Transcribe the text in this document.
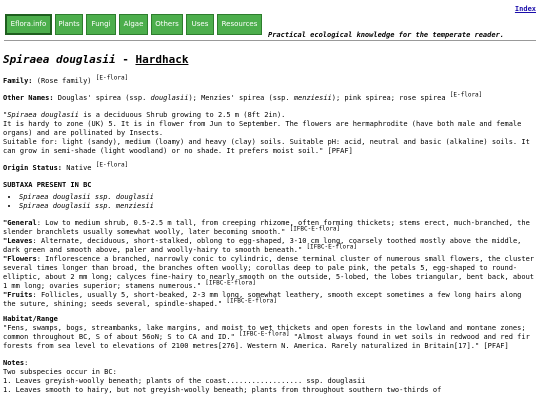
Index
Eflora.info	Plants	Fungi	Algae	Others	Uses	Resources
Practical ecological knowledge for the temperate reader.
Spiraea douglasii - Hardhack
Family: (Rose family) [E-flora]
Other Names: Douglas' spirea (ssp. douglasii); Menzies' spirea (ssp. menziesii); pink spirea; rose spirea [E-flora]
"Spiraea douglasii is a deciduous Shrub growing to 2.5 m (8ft 2in).
It is hardy to zone (UK) 5. It is in flower from Jun to September. The flowers are hermaphrodite (have both male and female organs) and are pollinated by Insects.
Suitable for: light (sandy), medium (loamy) and heavy (clay) soils. Suitable pH: acid, neutral and basic (alkaline) soils. It can grow in semi-shade (light woodland) or no shade. It prefers moist soil." [PFAF]
Origin Status: Native [E-flora]
SUBTAXA PRESENT IN BC
• Spiraea douglasii ssp. douglasii
• Spiraea douglasii ssp. menziesii
"General: Low to medium shrub, 0.5-2.5 m tall, from creeping rhizome, often forming thickets; stems erect, much-branched, the slender branchlets usually somewhat woolly, later becoming smooth." [IFBC-E-flora]
"Leaves: Alternate, deciduous, short-stalked, oblong to egg-shaped, 3-10 cm long, coarsely toothed mostly above the middle, dark green and smooth above, paler and woolly-hairy to smooth beneath." [IFBC-E-flora]
"Flowers: Inflorescence a branched, narrowly conic to cylindric, dense terminal cluster of numerous small flowers, the cluster several times longer than broad, the branches often woolly; corollas deep to pale pink, the petals 5, egg-shaped to round-elliptic, about 2 mm long; calyces fine-hairy to nearly smooth on the outside, 5-lobed, the lobes triangular, bent back, about 1 mm long; ovaries superior; stamens numerous." [IFBC-E-flora]
"Fruits: Follicles, usually 5, short-beaked, 2-3 mm long, somewhat leathery, smooth except sometimes a few long hairs along the suture, shining; seeds several, spindle-shaped." [IFBC-E-flora]
Habitat/Range
"Fens, swamps, bogs, streambanks, lake margins, and moist to wet thickets and open forests in the lowland and montane zones; common throughout BC, S of about 56oN; S to CA and ID." [IFBC-E-flora] "Almost always found in wet soils in redwood and red fir forests from sea level to elevations of 2100 metres[276]. Western N. America. Rarely naturalized in Britain[17]." [PFAF]
Notes:
Two subspecies occur in BC:
1. Leaves greyish-woolly beneath; plants of the coast.................. ssp. douglasii
1. Leaves smooth to hairy, but not greyish-woolly beneath; plants from throughout southern two-thirds of
